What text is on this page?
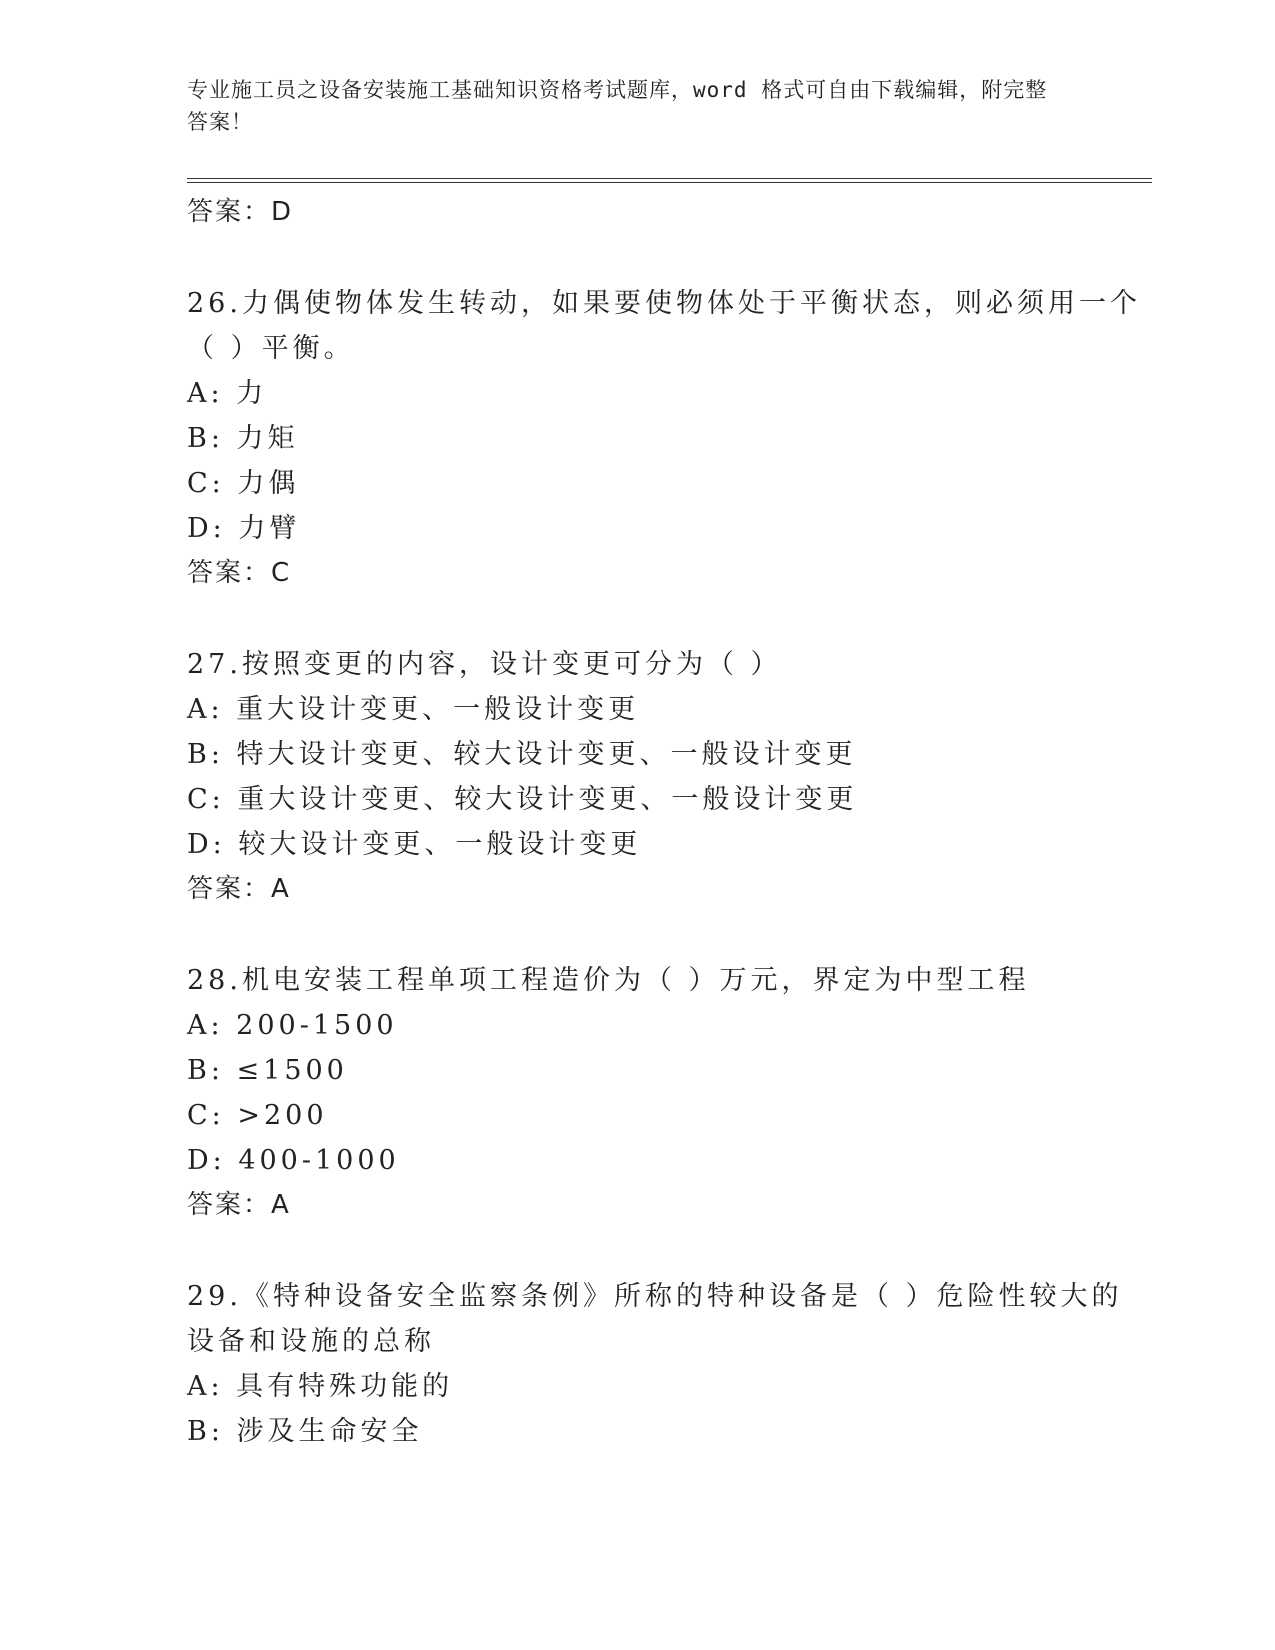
专业施工员之设备安装施工基础知识资格考试题库，word 格式可自由下载编辑，附完整答案！
答案：D
26.力偶使物体发生转动，如果要使物体处于平衡状态，则必须用一个（ ）平衡。
A: 力
B: 力矩
C: 力偶
D: 力臂
答案：C
27.按照变更的内容，设计变更可分为（ ）
A: 重大设计变更、一般设计变更
B: 特大设计变更、较大设计变更、一般设计变更
C: 重大设计变更、较大设计变更、一般设计变更
D: 较大设计变更、一般设计变更
答案：A
28.机电安装工程单项工程造价为（ ）万元，界定为中型工程
A: 200-1500
B: ≤1500
C: >200
D: 400-1000
答案：A
29.《特种设备安全监察条例》所称的特种设备是（ ）危险性较大的设备和设施的总称
A: 具有特殊功能的
B: 涉及生命安全
